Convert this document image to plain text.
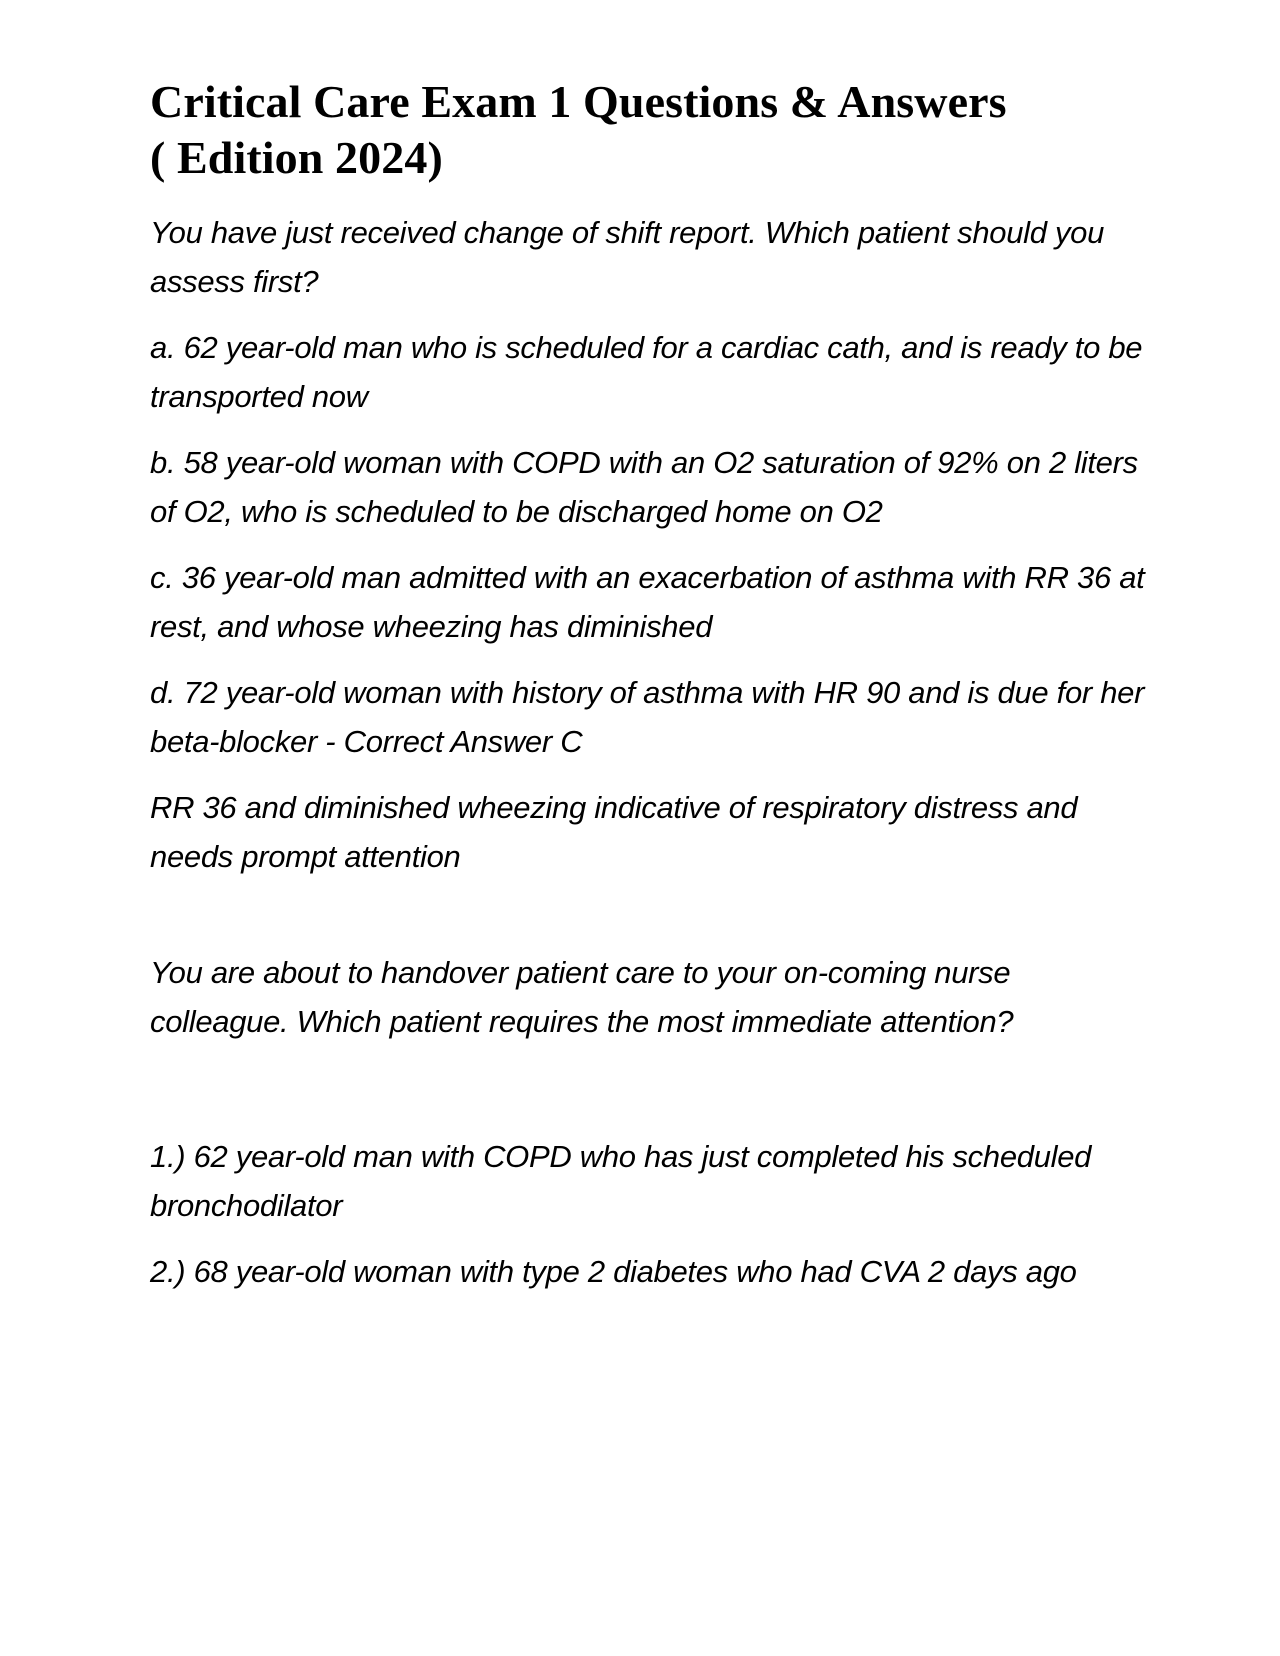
Critical Care Exam 1 Questions & Answers
( Edition 2024)

You have just received change of shift report. Which patient should you assess first?

a. 62 year-old man who is scheduled for a cardiac cath, and is ready to be transported now

b. 58 year-old woman with COPD with an O2 saturation of 92% on 2 liters of O2, who is scheduled to be discharged home on O2

c. 36 year-old man admitted with an exacerbation of asthma with RR 36 at rest, and whose wheezing has diminished

d. 72 year-old woman with history of asthma with HR 90 and is due for her beta-blocker - Correct Answer C

RR 36 and diminished wheezing indicative of respiratory distress and needs prompt attention

You are about to handover patient care to your on-coming nurse colleague. Which patient requires the most immediate attention?

1.) 62 year-old man with COPD who has just completed his scheduled bronchodilator

2.) 68 year-old woman with type 2 diabetes who had CVA 2 days ago
